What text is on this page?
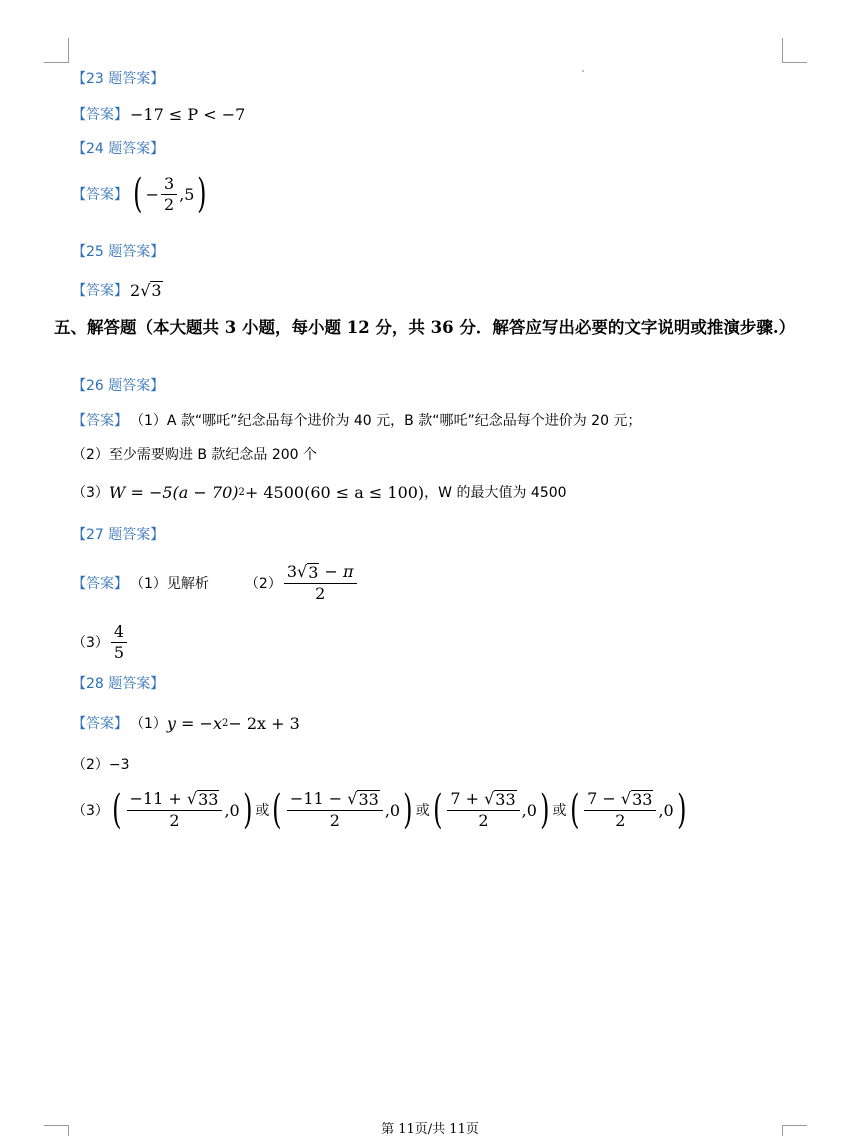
【23 题答案】
【答案】 −17 ≤ P < −7
【24 题答案】
【答案】 ( − $\frac{3}{2} ,5$ )
【25 题答案】
【答案】 2 √ 3
五、解答题（本大题共 3 小题，每小题 12 分，共 36 分．解答应写出必要的文字说明或推演步骤.）
【26 题答案】
【答案】 （1）A 款“哪吒”纪念品每个进价为 40 元，B 款“哪吒”纪念品每个进价为 20 元；
（2）至少需要购进 B 款纪念品 200 个
（3） W = −5(a − 70) 2 + 4500(60 ≤ a ≤ 100) ，W 的最大值为 4500
【27 题答案】
【答案】 （1）见解析	$(2) \frac{3 √ 3 - \pi}{2}$
$(3) \frac{4}{5}$
【28 题答案】
【答案】 （1） y = −x 2 − 2x + 3
（2）−3
（3） ( $\frac{-11 + √ 33}{2} ,0$ ) 或 ( $\frac{-11 - √ 33}{2} ,0$ ) 或 ( $\frac{7 + √ 33}{2} ,0$ ) 或 ( $\frac{7 - √ 33}{2} ,0$ )
第 11页/共 11页
